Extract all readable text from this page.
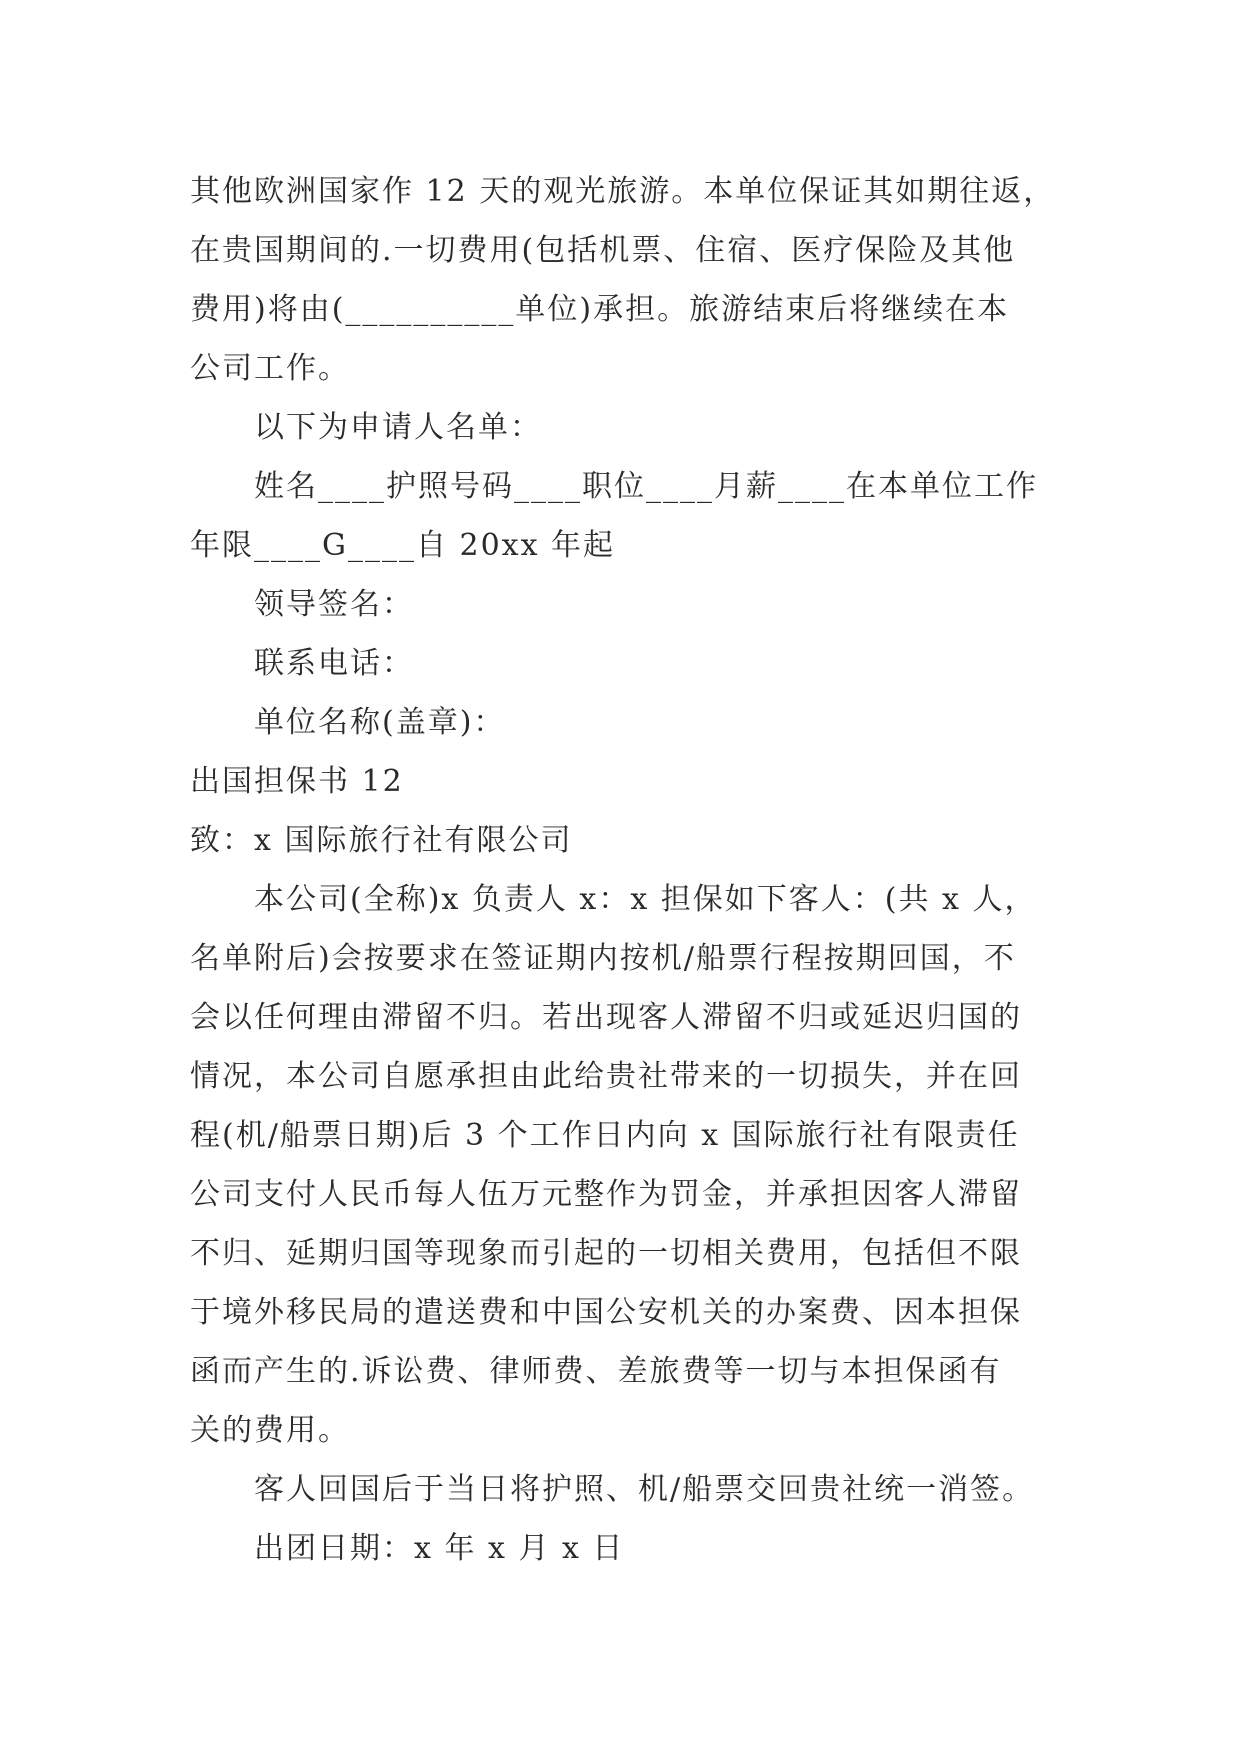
其他欧洲国家作 12 天的观光旅游。本单位保证其如期往返，
在贵国期间的.一切费用(包括机票、住宿、医疗保险及其他
费用)将由(__________单位)承担。旅游结束后将继续在本
公司工作。
以下为申请人名单：
姓名____护照号码____职位____月薪____在本单位工作
年限____G____自 20xx 年起
领导签名：
联系电话：
单位名称(盖章)：
出国担保书 12
致：x 国际旅行社有限公司
本公司(全称)x 负责人 x：x 担保如下客人：(共 x 人，
名单附后)会按要求在签证期内按机/船票行程按期回国，不
会以任何理由滞留不归。若出现客人滞留不归或延迟归国的
情况，本公司自愿承担由此给贵社带来的一切损失，并在回
程(机/船票日期)后 3 个工作日内向 x 国际旅行社有限责任
公司支付人民币每人伍万元整作为罚金，并承担因客人滞留
不归、延期归国等现象而引起的一切相关费用，包括但不限
于境外移民局的遣送费和中国公安机关的办案费、因本担保
函而产生的.诉讼费、律师费、差旅费等一切与本担保函有
关的费用。
客人回国后于当日将护照、机/船票交回贵社统一消签。
出团日期：x 年 x 月 x 日
